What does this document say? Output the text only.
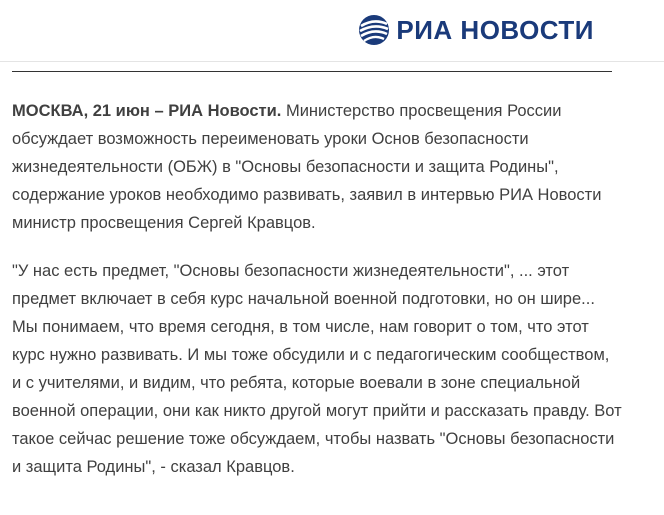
РИА НОВОСТИ

МОСКВА, 21 июн – РИА Новости. Министерство просвещения России обсуждает возможность переименовать уроки Основ безопасности жизнедеятельности (ОБЖ) в "Основы безопасности и защита Родины", содержание уроков необходимо развивать, заявил в интервью РИА Новости министр просвещения Сергей Кравцов.

"У нас есть предмет, "Основы безопасности жизнедеятельности", ... этот предмет включает в себя курс начальной военной подготовки, но он шире... Мы понимаем, что время сегодня, в том числе, нам говорит о том, что этот курс нужно развивать. И мы тоже обсудили и с педагогическим сообществом, и с учителями, и видим, что ребята, которые воевали в зоне специальной военной операции, они как никто другой могут прийти и рассказать правду. Вот такое сейчас решение тоже обсуждаем, чтобы назвать "Основы безопасности и защита Родины", - сказал Кравцов.
